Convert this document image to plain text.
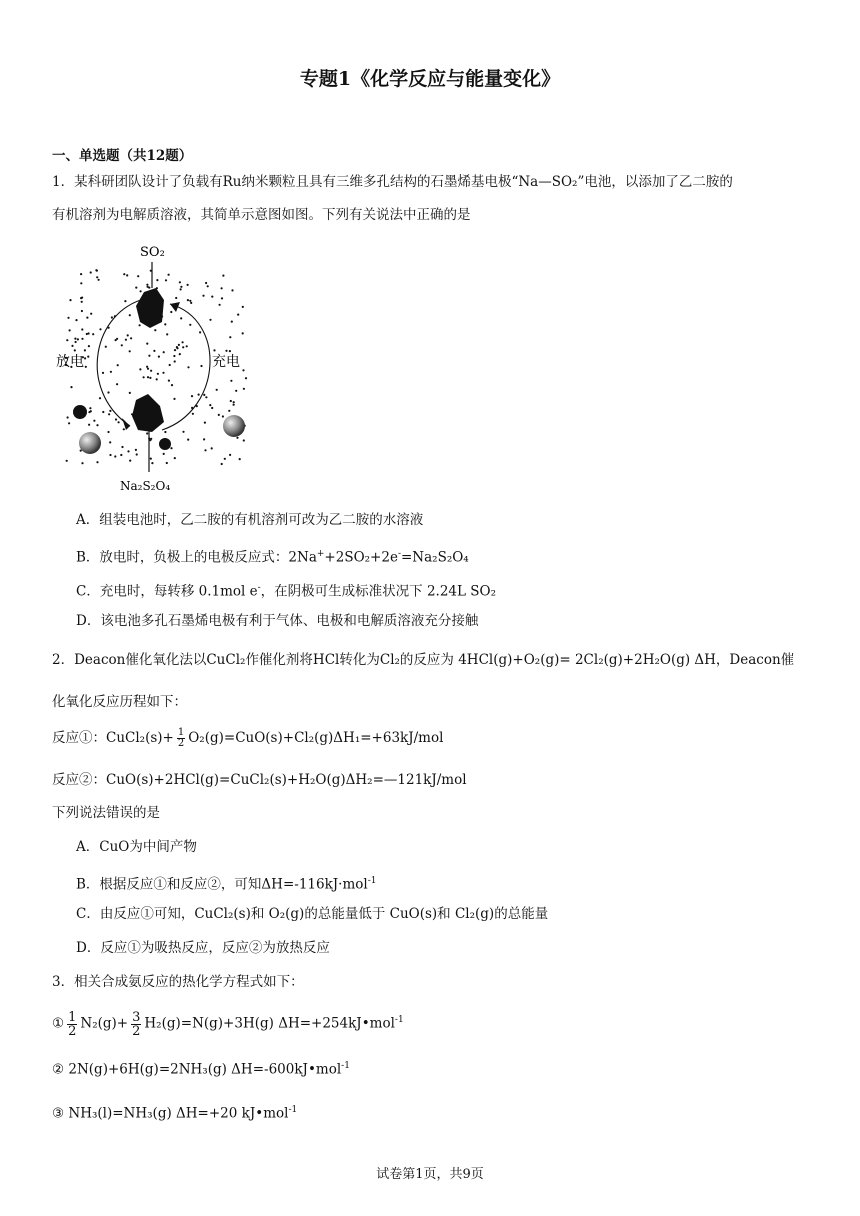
专题1《化学反应与能量变化》
一、单选题（共12题）
1．某科研团队设计了负载有Ru纳米颗粒且具有三维多孔结构的石墨烯基电极“Na—SO₂”电池，以添加了乙二胺的
有机溶剂为电解质溶液，其简单示意图如图。下列有关说法中正确的是
SO₂
Na₂S₂O₄
放电	充电
A．组装电池时，乙二胺的有机溶剂可改为乙二胺的水溶液
B．放电时，负极上的电极反应式：2Na++2SO₂+2e-=Na₂S₂O₄
C．充电时，每转移 0.1mol e-，在阴极可生成标准状况下 2.24L SO₂
D．该电池多孔石墨烯电极有利于气体、电极和电解质溶液充分接触
2．Deacon催化氧化法以CuCl₂作催化剂将HCl转化为Cl₂的反应为 4HCl(g)+O₂(g)= 2Cl₂(g)+2H₂O(g) ΔH，Deacon催
化氧化反应历程如下：
反应①：CuCl₂(s)+ $\frac{1}{2} O_2(g)=CuO(s)+Cl_2(g)\Delta H_1=+63kJ/mol$
反应②：CuO(s)+2HCl(g)=CuCl₂(s)+H₂O(g)ΔH₂=—121kJ/mol
下列说法错误的是
A．CuO为中间产物
B．根据反应①和反应②，可知ΔH=-116kJ·mol$^{-1}$
C．由反应①可知，CuCl₂(s)和 O₂(g)的总能量低于 CuO(s)和 Cl₂(g)的总能量
D．反应①为吸热反应，反应②为放热反应
3．相关合成氨反应的热化学方程式如下：
① $\frac{1}{2} N_2(g)+ \frac{3}{2} H_2(g)=N(g)+3H(g)$ ΔH=+254kJ•mol$^{-1}$
② 2N(g)+6H(g)=2NH₃(g) ΔH=-600kJ•mol$^{-1}$
③ NH₃(l)=NH₃(g) ΔH=+20 kJ•mol$^{-1}$
试卷第1页，共9页
